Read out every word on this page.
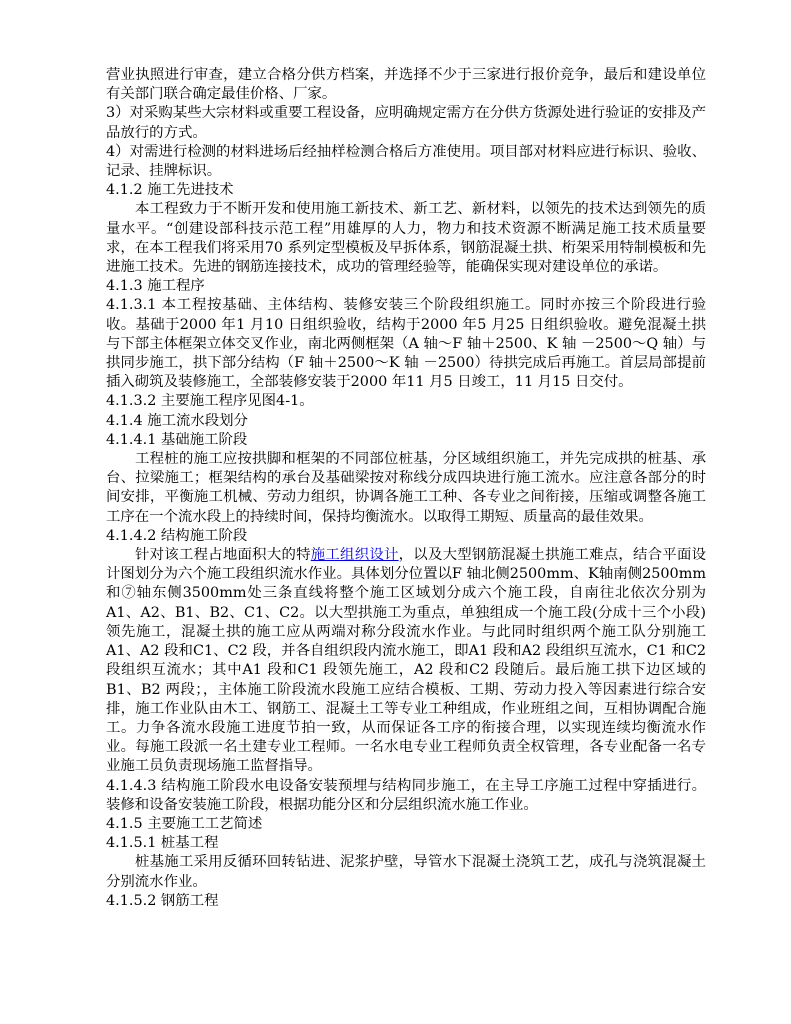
营业执照进行审查，建立合格分供方档案，并选择不少于三家进行报价竞争，最后和建设单位有关部门联合确定最佳价格、厂家。

3）对采购某些大宗材料或重要工程设备，应明确规定需方在分供方货源处进行验证的安排及产品放行的方式。

4）对需进行检测的材料进场后经抽样检测合格后方准使用。项目部对材料应进行标识、验收、记录、挂牌标识。

4.1.2 施工先进技术

本工程致力于不断开发和使用施工新技术、新工艺、新材料，以领先的技术达到领先的质量水平。“创建设部科技示范工程”用雄厚的人力，物力和技术资源不断满足施工技术质量要求，在本工程我们将采用70 系列定型模板及早拆体系，钢筋混凝土拱、桁架采用特制模板和先进施工技术。先进的钢筋连接技术，成功的管理经验等，能确保实现对建设单位的承诺。

4.1.3 施工程序

4.1.3.1 本工程按基础、主体结构、装修安装三个阶段组织施工。同时亦按三个阶段进行验收。基础于2000 年1 月10 日组织验收，结构于2000 年5 月25 日组织验收。避免混凝土拱与下部主体框架立体交叉作业，南北两侧框架（A 轴～F 轴＋2500、K 轴 －2500～Q 轴）与拱同步施工，拱下部分结构（F 轴＋2500～K 轴 －2500）待拱完成后再施工。首层局部提前插入砌筑及装修施工，全部装修安装于2000 年11 月5 日竣工，11 月15 日交付。

4.1.3.2 主要施工程序见图4-1。

4.1.4 施工流水段划分

4.1.4.1 基础施工阶段

工程桩的施工应按拱脚和框架的不同部位桩基，分区域组织施工，并先完成拱的桩基、承台、拉梁施工；框架结构的承台及基础梁按对称线分成四块进行施工流水。应注意各部分的时间安排，平衡施工机械、劳动力组织，协调各施工工种、各专业之间衔接，压缩或调整各施工工序在一个流水段上的持续时间，保持均衡流水。以取得工期短、质量高的最佳效果。

4.1.4.2 结构施工阶段

针对该工程占地面积大的特施工组织设计，以及大型钢筋混凝土拱施工难点，结合平面设计图划分为六个施工段组织流水作业。具体划分位置以F 轴北侧2500mm、K轴南侧2500mm和⑦轴东侧3500mm处三条直线将整个施工区域划分成六个施工段，自南往北依次分别为A1、A2、B1、B2、C1、C2。以大型拱施工为重点，单独组成一个施工段(分成十三个小段)领先施工，混凝土拱的施工应从两端对称分段流水作业。与此同时组织两个施工队分别施工A1、A2 段和C1、C2 段，并各自组织段内流水施工，即A1 段和A2 段组织互流水，C1 和C2 段组织互流水；其中A1 段和C1 段领先施工，A2 段和C2 段随后。最后施工拱下边区域的B1、B2 两段；，主体施工阶段流水段施工应结合模板、工期、劳动力投入等因素进行综合安排，施工作业队由木工、钢筋工、混凝土工等专业工种组成，作业班组之间，互相协调配合施工。力争各流水段施工进度节拍一致，从而保证各工序的衔接合理，以实现连续均衡流水作业。每施工段派一名土建专业工程师。一名水电专业工程师负责全权管理，各专业配备一名专业施工员负责现场施工监督指导。

4.1.4.3 结构施工阶段水电设备安装预埋与结构同步施工，在主导工序施工过程中穿插进行。装修和设备安装施工阶段，根据功能分区和分层组织流水施工作业。

4.1.5 主要施工工艺简述

4.1.5.1 桩基工程

桩基施工采用反循环回转钻进、泥浆护壁，导管水下混凝土浇筑工艺，成孔与浇筑混凝土分别流水作业。

4.1.5.2 钢筋工程
